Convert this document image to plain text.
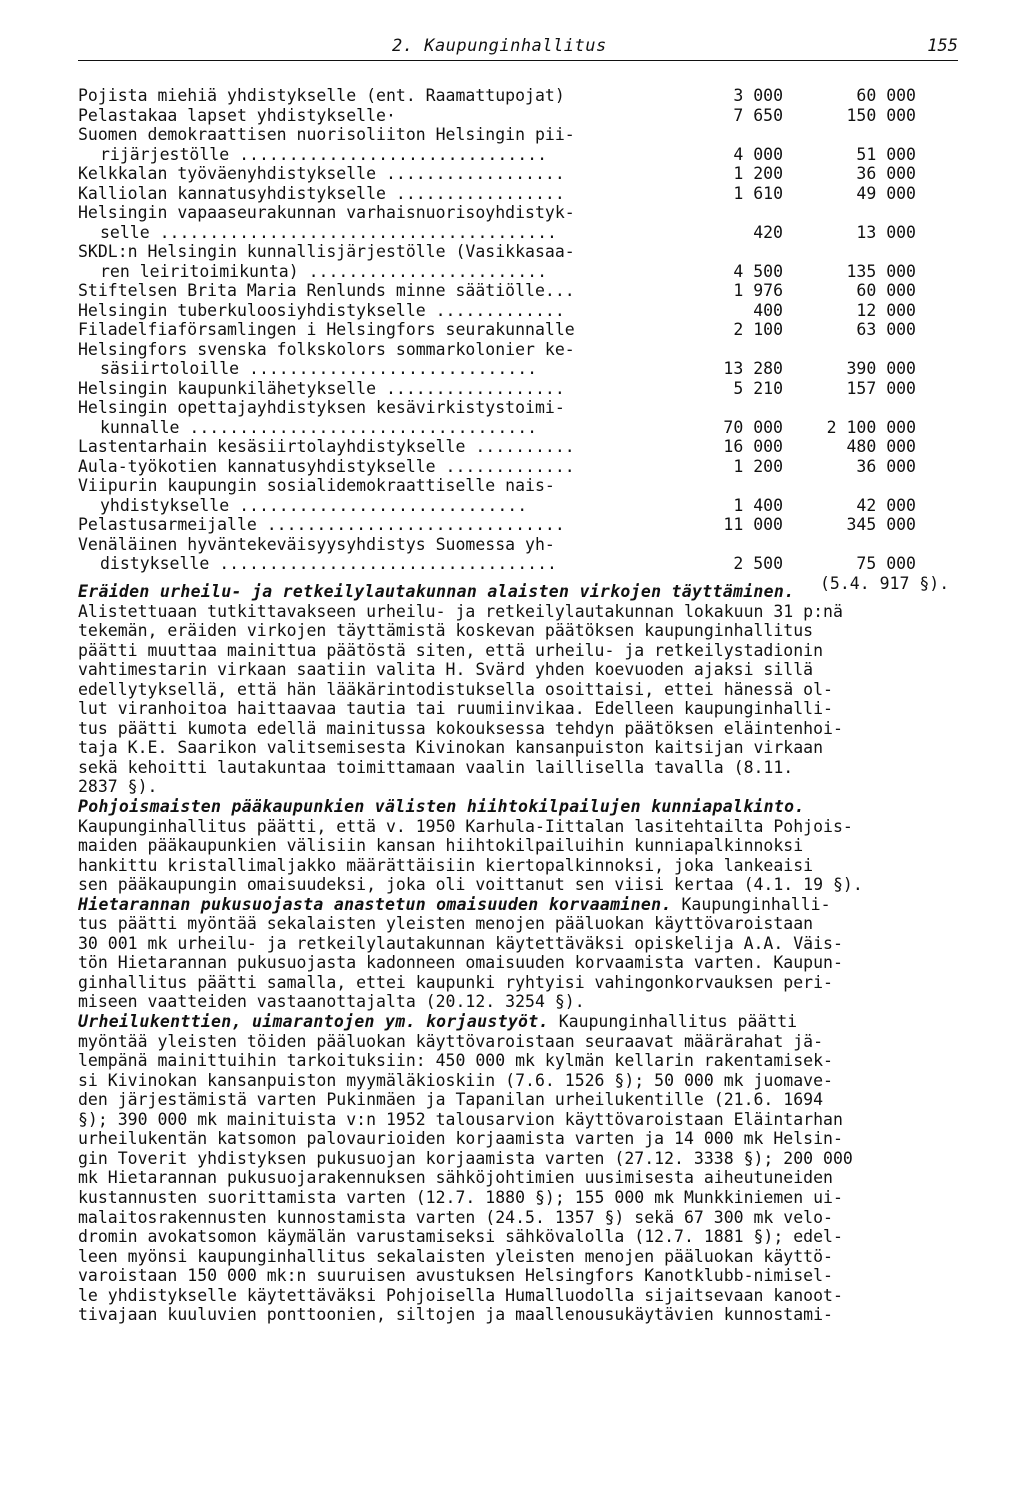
2. Kaupunginhallitus	155
Pojista miehiä yhdistykselle (ent. Raamattupojat)	3 000	60 000
Pelastakaa lapset yhdistykselle·	7 650	150 000
Suomen demokraattisen nuorisoliiton Helsingin pii-
rijärjestölle ...............................	4 000	51 000
Kelkkalan työväenyhdistykselle ..................	1 200	36 000
Kalliolan kannatusyhdistykselle .................	1 610	49 000
Helsingin vapaaseurakunnan varhaisnuorisoyhdistyk-
selle ........................................	420	13 000
SKDL:n Helsingin kunnallisjärjestölle (Vasikkasaa-
ren leiritoimikunta) ........................	4 500	135 000
Stiftelsen Brita Maria Renlunds minne säätiölle...	1 976	60 000
Helsingin tuberkuloosiyhdistykselle .............	400	12 000
Filadelfiaförsamlingen i Helsingfors seurakunnalle	2 100	63 000
Helsingfors svenska folkskolors sommarkolonier ke-
säsiirtoloille .............................	13 280	390 000
Helsingin kaupunkilähetykselle ..................	5 210	157 000
Helsingin opettajayhdistyksen kesävirkistystoimi-
kunnalle ...................................	70 000	2 100 000
Lastentarhain kesäsiirtolayhdistykselle ..........	16 000	480 000
Aula-työkotien kannatusyhdistykselle .............	1 200	36 000
Viipurin kaupungin sosialidemokraattiselle nais-
yhdistykselle .............................	1 400	42 000
Pelastusarmeijalle ..............................	11 000	345 000
Venäläinen hyväntekeväisyysyhdistys Suomessa yh-
distykselle ..................................	2 500	75 000
(5.4. 917 §).
Eräiden urheilu- ja retkeilylautakunnan alaisten virkojen täyttäminen.
Alistettuaan tutkittavakseen urheilu- ja retkeilylautakunnan lokakuun 31 p:nä
tekemän, eräiden virkojen täyttämistä koskevan päätöksen kaupunginhallitus
päätti muuttaa mainittua päätöstä siten, että urheilu- ja retkeilystadionin
vahtimestarin virkaan saatiin valita H. Svärd yhden koevuoden ajaksi sillä
edellytyksellä, että hän lääkärintodistuksella osoittaisi, ettei hänessä ol-
lut viranhoitoa haittaavaa tautia tai ruumiinvikaa. Edelleen kaupunginhalli-
tus päätti kumota edellä mainitussa kokouksessa tehdyn päätöksen eläintenhoi-
taja K.E. Saarikon valitsemisesta Kivinokan kansanpuiston kaitsijan virkaan
sekä kehoitti lautakuntaa toimittamaan vaalin laillisella tavalla (8.11.
2837 §).
Pohjoismaisten pääkaupunkien välisten hiihtokilpailujen kunniapalkinto.
Kaupunginhallitus päätti, että v. 1950 Karhula-Iittalan lasitehtailta Pohjois-
maiden pääkaupunkien välisiin kansan hiihtokilpailuihin kunniapalkinnoksi
hankittu kristallimaljakko määrättäisiin kiertopalkinnoksi, joka lankeaisi
sen pääkaupungin omaisuudeksi, joka oli voittanut sen viisi kertaa (4.1. 19 §).
Hietarannan pukusuojasta anastetun omaisuuden korvaaminen. Kaupunginhalli-
tus päätti myöntää sekalaisten yleisten menojen pääluokan käyttövaroistaan
30 001 mk urheilu- ja retkeilylautakunnan käytettäväksi opiskelija A.A. Väis-
tön Hietarannan pukusuojasta kadonneen omaisuuden korvaamista varten. Kaupun-
ginhallitus päätti samalla, ettei kaupunki ryhtyisi vahingonkorvauksen peri-
miseen vaatteiden vastaanottajalta (20.12. 3254 §).
Urheilukenttien, uimarantojen ym. korjaustyöt. Kaupunginhallitus päätti
myöntää yleisten töiden pääluokan käyttövaroistaan seuraavat määrärahat jä-
lempänä mainittuihin tarkoituksiin: 450 000 mk kylmän kellarin rakentamisek-
si Kivinokan kansanpuiston myymäläkioskiin (7.6. 1526 §); 50 000 mk juomave-
den järjestämistä varten Pukinmäen ja Tapanilan urheilukentille (21.6. 1694
§); 390 000 mk mainituista v:n 1952 talousarvion käyttövaroistaan Eläintarhan
urheilukentän katsomon palovaurioiden korjaamista varten ja 14 000 mk Helsin-
gin Toverit yhdistyksen pukusuojan korjaamista varten (27.12. 3338 §); 200 000
mk Hietarannan pukusuojarakennuksen sähköjohtimien uusimisesta aiheutuneiden
kustannusten suorittamista varten (12.7. 1880 §); 155 000 mk Munkkiniemen ui-
malaitosrakennusten kunnostamista varten (24.5. 1357 §) sekä 67 300 mk velo-
dromin avokatsomon käymälän varustamiseksi sähkövalolla (12.7. 1881 §); edel-
leen myönsi kaupunginhallitus sekalaisten yleisten menojen pääluokan käyttö-
varoistaan 150 000 mk:n suuruisen avustuksen Helsingfors Kanotklubb-nimisel-
le yhdistykselle käytettäväksi Pohjoisella Humalluodolla sijaitsevaan kanoot-
tivajaan kuuluvien ponttoonien, siltojen ja maallenousukäytävien kunnostami-
